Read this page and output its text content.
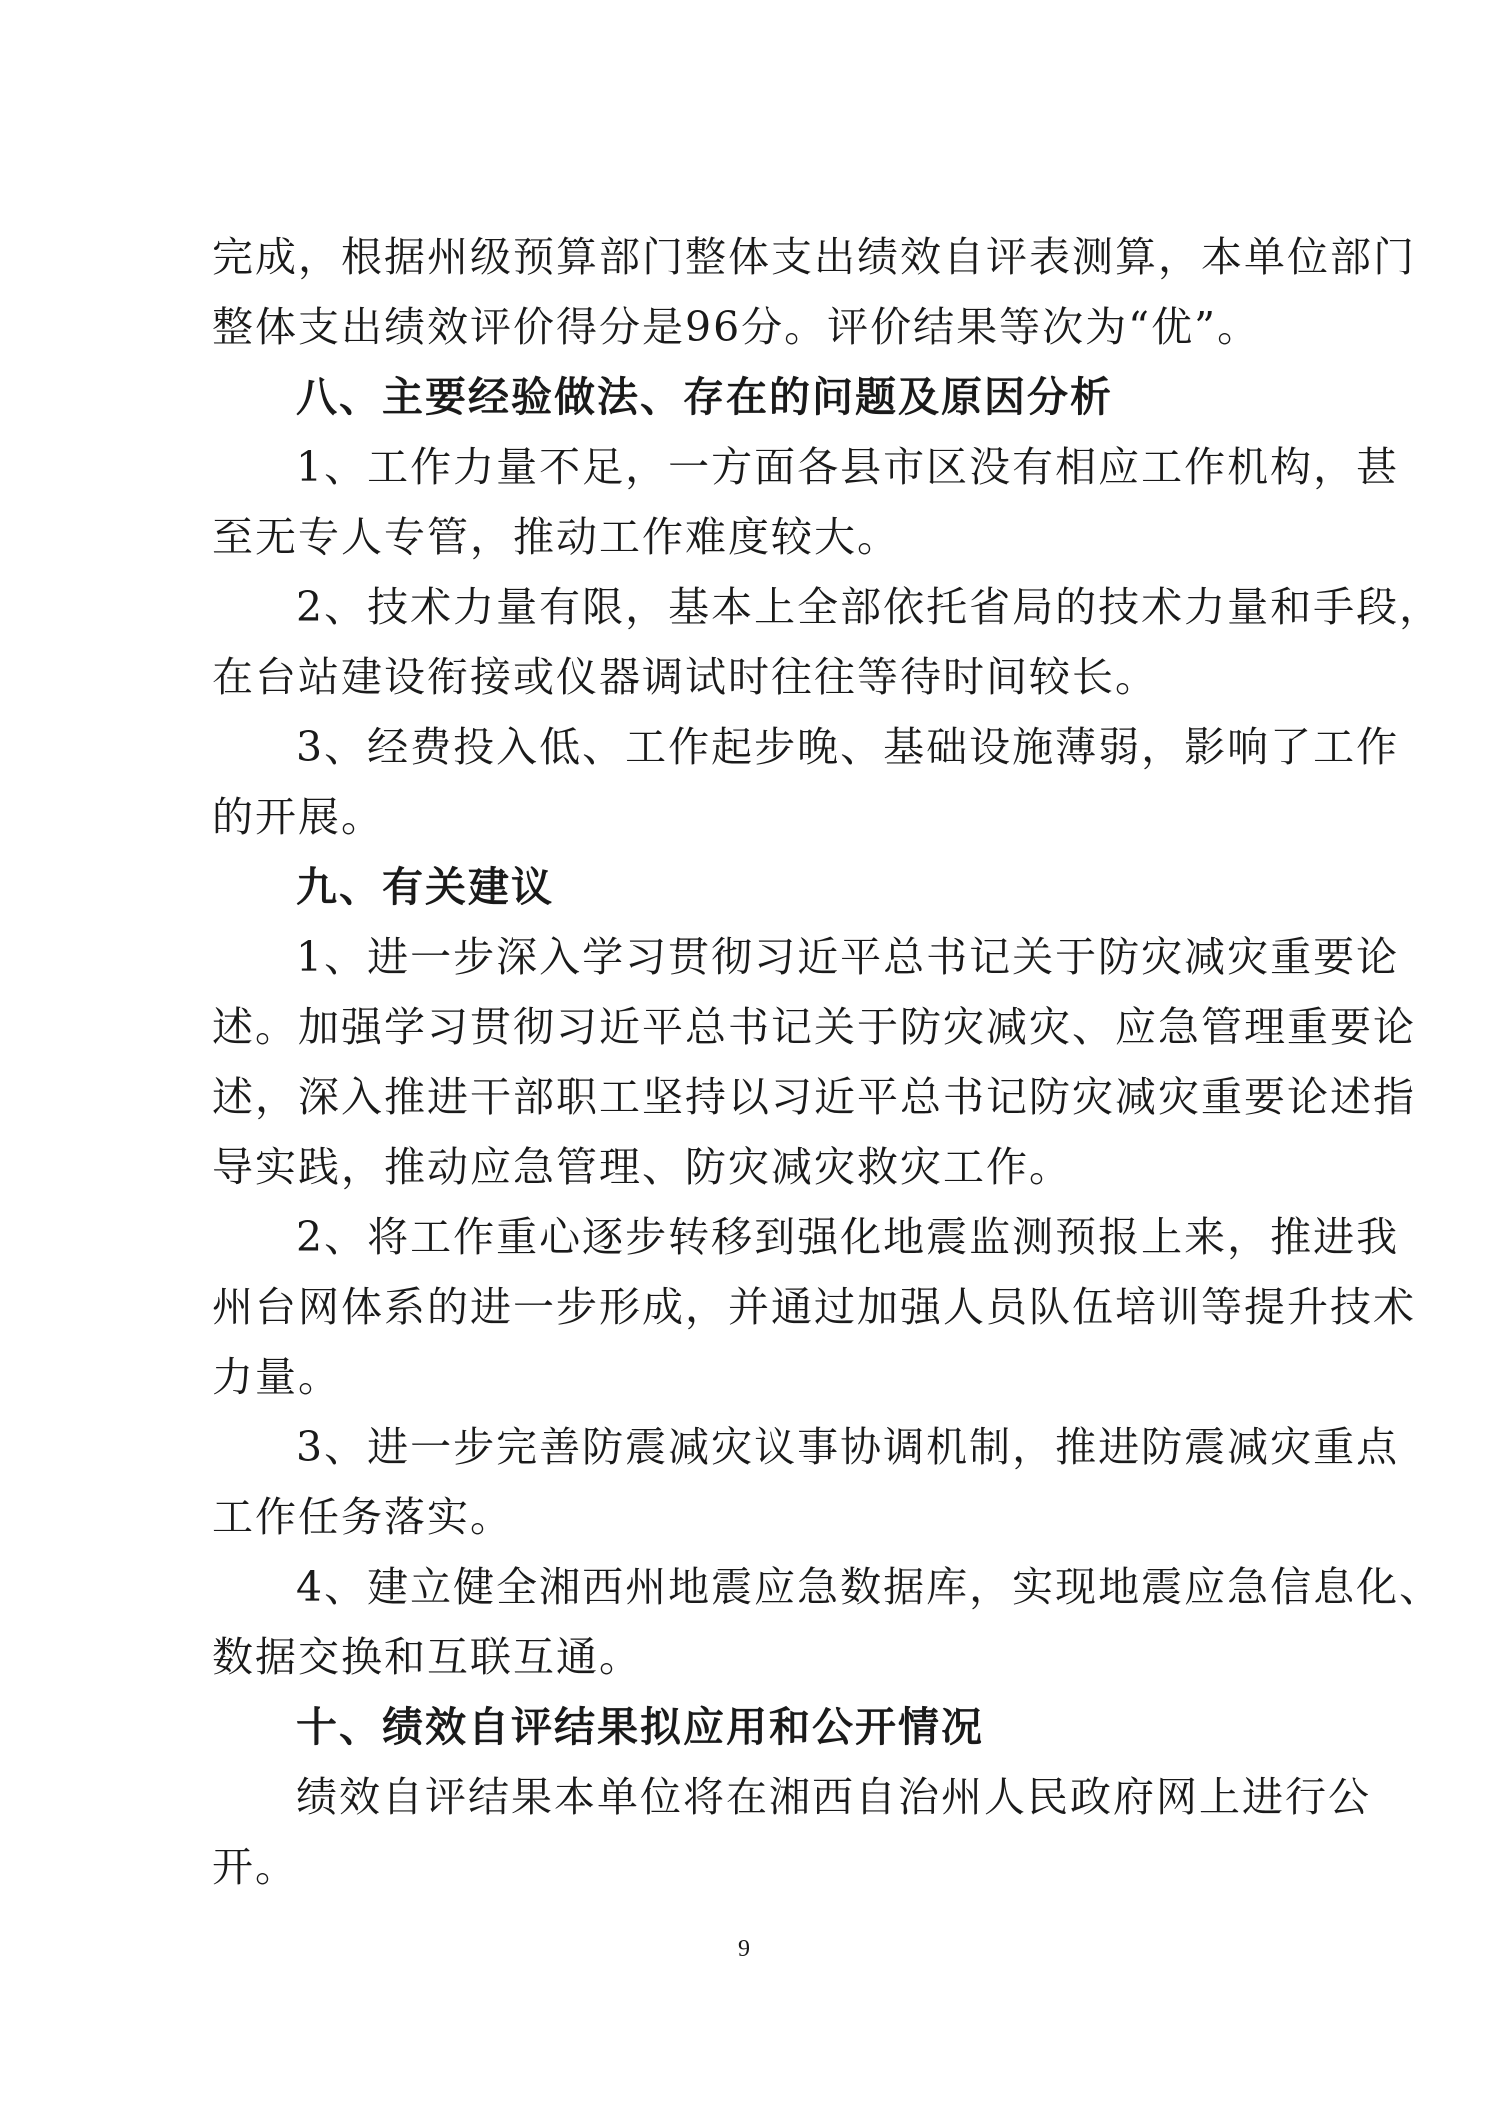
完成，根据州级预算部门整体支出绩效自评表测算，本单位部门
整体支出绩效评价得分是96分。评价结果等次为“优”。
八、主要经验做法、存在的问题及原因分析
1、工作力量不足，一方面各县市区没有相应工作机构，甚
至无专人专管，推动工作难度较大。
2、技术力量有限，基本上全部依托省局的技术力量和手段，
在台站建设衔接或仪器调试时往往等待时间较长。
3、经费投入低、工作起步晚、基础设施薄弱，影响了工作
的开展。
九、有关建议
1、进一步深入学习贯彻习近平总书记关于防灾减灾重要论
述。加强学习贯彻习近平总书记关于防灾减灾、应急管理重要论
述，深入推进干部职工坚持以习近平总书记防灾减灾重要论述指
导实践，推动应急管理、防灾减灾救灾工作。
2、将工作重心逐步转移到强化地震监测预报上来，推进我
州台网体系的进一步形成，并通过加强人员队伍培训等提升技术
力量。
3、进一步完善防震减灾议事协调机制，推进防震减灾重点
工作任务落实。
4、建立健全湘西州地震应急数据库，实现地震应急信息化、
数据交换和互联互通。
十、绩效自评结果拟应用和公开情况
绩效自评结果本单位将在湘西自治州人民政府网上进行公
开。
9
